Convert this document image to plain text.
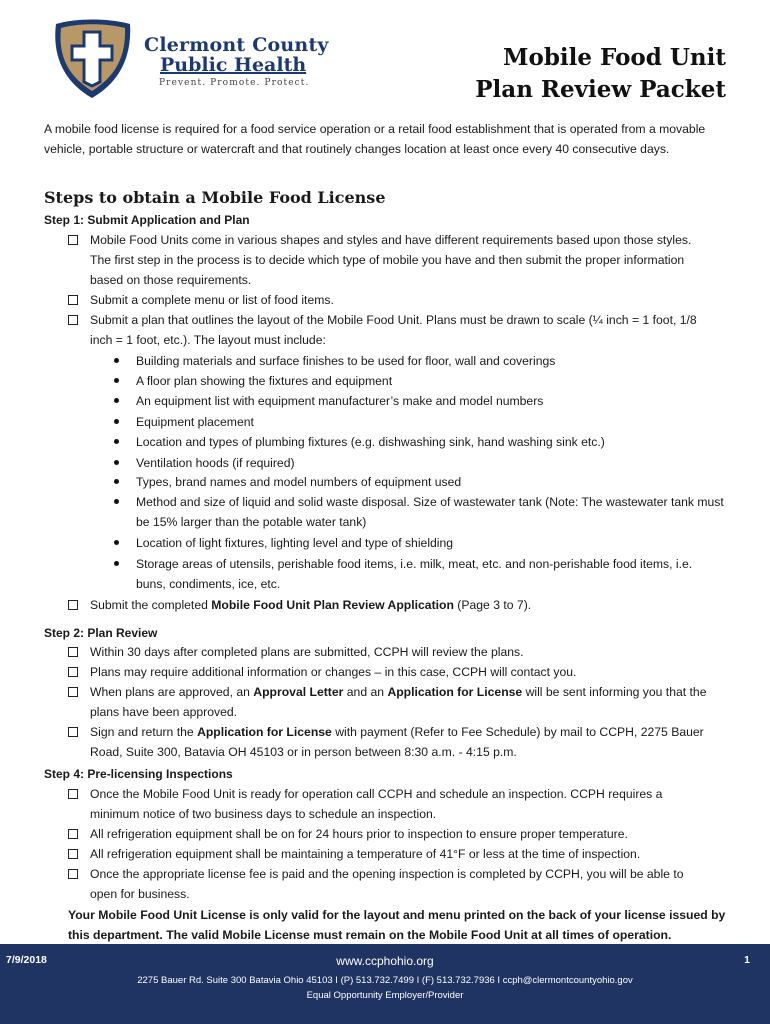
Clermont County
Public Health
Prevent. Promote. Protect.
Mobile Food Unit
Plan Review Packet
A mobile food license is required for a food service operation or a retail food establishment that is operated from a movable vehicle, portable structure or watercraft and that routinely changes location at least once every 40 consecutive days.
Steps to obtain a Mobile Food License
Step 1: Submit Application and Plan
Mobile Food Units come in various shapes and styles and have different requirements based upon those styles. The first step in the process is to decide which type of mobile you have and then submit the proper information based on those requirements.
Submit a complete menu or list of food items.
Submit a plan that outlines the layout of the Mobile Food Unit. Plans must be drawn to scale (¼ inch = 1 foot, 1/8 inch = 1 foot, etc.). The layout must include:
Building materials and surface finishes to be used for floor, wall and coverings
A floor plan showing the fixtures and equipment
An equipment list with equipment manufacturer’s make and model numbers
Equipment placement
Location and types of plumbing fixtures (e.g. dishwashing sink, hand washing sink etc.)
Ventilation hoods (if required)
Types, brand names and model numbers of equipment used
Method and size of liquid and solid waste disposal. Size of wastewater tank (Note: The wastewater tank must be 15% larger than the potable water tank)
Location of light fixtures, lighting level and type of shielding
Storage areas of utensils, perishable food items, i.e. milk, meat, etc. and non-perishable food items, i.e. buns, condiments, ice, etc.
Submit the completed Mobile Food Unit Plan Review Application (Page 3 to 7).
Step 2: Plan Review
Within 30 days after completed plans are submitted, CCPH will review the plans.
Plans may require additional information or changes – in this case, CCPH will contact you.
When plans are approved, an Approval Letter and an Application for License will be sent informing you that the plans have been approved.
Sign and return the Application for License with payment (Refer to Fee Schedule) by mail to CCPH, 2275 Bauer Road, Suite 300, Batavia OH 45103 or in person between 8:30 a.m. - 4:15 p.m.
Step 4: Pre-licensing Inspections
Once the Mobile Food Unit is ready for operation call CCPH and schedule an inspection. CCPH requires a minimum notice of two business days to schedule an inspection.
All refrigeration equipment shall be on for 24 hours prior to inspection to ensure proper temperature.
All refrigeration equipment shall be maintaining a temperature of 41°F or less at the time of inspection.
Once the appropriate license fee is paid and the opening inspection is completed by CCPH, you will be able to open for business.
Your Mobile Food Unit License is only valid for the layout and menu printed on the back of your license issued by this department. The valid Mobile License must remain on the Mobile Food Unit at all times of operation.
www.ccphohio.org
7/9/2018	1
2275 Bauer Rd. Suite 300 Batavia Ohio 45103 I (P) 513.732.7499 I (F) 513.732.7936 I ccph@clermontcountyohio.gov
Equal Opportunity Employer/Provider
